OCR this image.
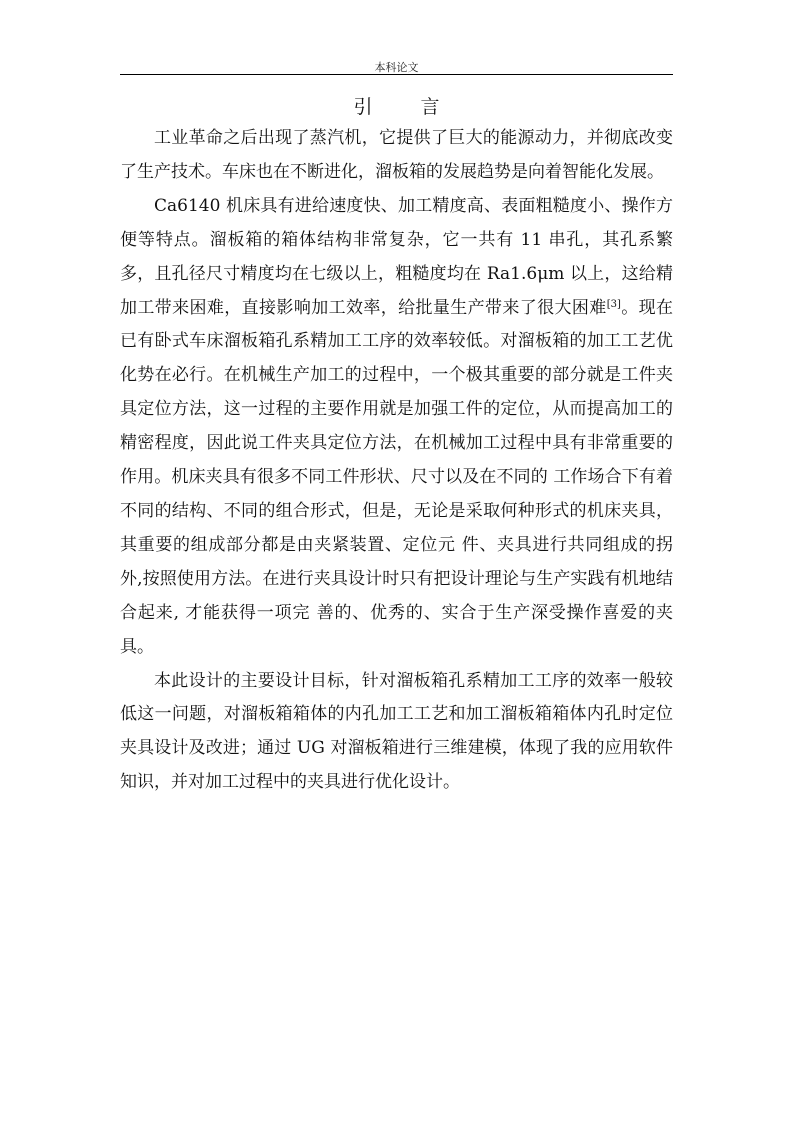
本科论文
引	言

工业革命之后出现了蒸汽机，它提供了巨大的能源动力，并彻底改变了生产技术。车床也在不断进化，溜板箱的发展趋势是向着智能化发展。

Ca6140 机床具有进给速度快、加工精度高、表面粗糙度小、操作方便等特点。溜板箱的箱体结构非常复杂，它一共有 11 串孔，其孔系繁多，且孔径尺寸精度均在七级以上，粗糙度均在 Ra1.6μm 以上，这给精加工带来困难，直接影响加工效率，给批量生产带来了很大困难[3]。现在已有卧式车床溜板箱孔系精加工工序的效率较低。对溜板箱的加工工艺优化势在必行。在机械生产加工的过程中，一个极其重要的部分就是工件夹具定位方法，这一过程的主要作用就是加强工件的定位，从而提高加工的精密程度，因此说工件夹具定位方法，在机械加工过程中具有非常重要的作用。机床夹具有很多不同工件形状、尺寸以及在不同的 工作场合下有着不同的结构、不同的组合形式，但是，无论是采取何种形式的机床夹具，其重要的组成部分都是由夹紧装置、定位元 件、夹具进行共同组成的拐外,按照使用方法。在进行夹具设计时只有把设计理论与生产实践有机地结合起来, 才能获得一项完 善的、优秀的、实合于生产深受操作喜爱的夹具。

本此设计的主要设计目标，针对溜板箱孔系精加工工序的效率一般较低这一问题，对溜板箱箱体的内孔加工工艺和加工溜板箱箱体内孔时定位夹具设计及改进；通过 UG 对溜板箱进行三维建模，体现了我的应用软件知识，并对加工过程中的夹具进行优化设计。
